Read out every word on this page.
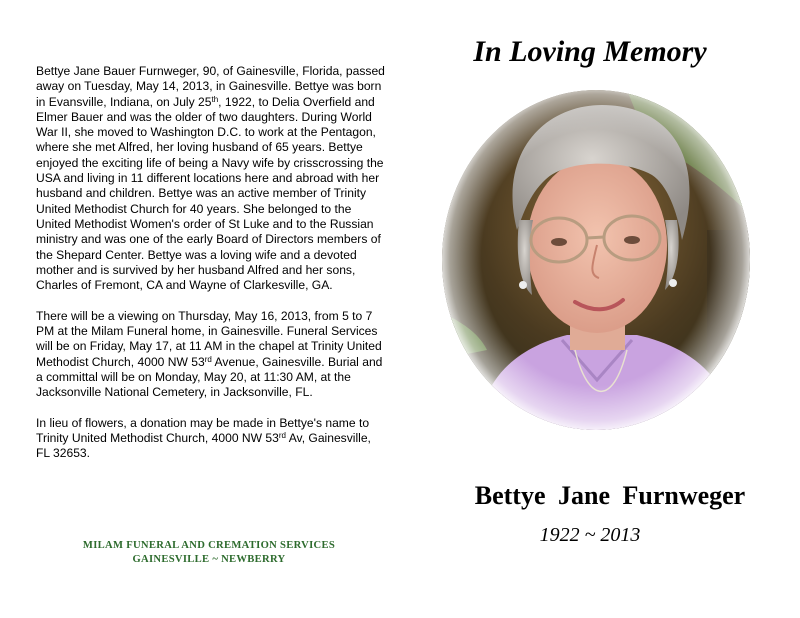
Bettye Jane Bauer Furnweger, 90, of Gainesville, Florida, passed away on Tuesday, May 14, 2013, in Gainesville. Bettye was born in Evansville, Indiana, on July 25th, 1922, to Delia Overfield and Elmer Bauer and was the older of two daughters. During World War II, she moved to Washington D.C. to work at the Pentagon, where she met Alfred, her loving husband of 65 years. Bettye enjoyed the exciting life of being a Navy wife by crisscrossing the USA and living in 11 different locations here and abroad with her husband and children. Bettye was an active member of Trinity United Methodist Church for 40 years. She belonged to the United Methodist Women's order of St Luke and to the Russian ministry and was one of the early Board of Directors members of the Shepard Center. Bettye was a loving wife and a devoted mother and is survived by her husband Alfred and her sons, Charles of Fremont, CA and Wayne of Clarkesville, GA.

There will be a viewing on Thursday, May 16, 2013, from 5 to 7 PM at the Milam Funeral home, in Gainesville. Funeral Services will be on Friday, May 17, at 11 AM in the chapel at Trinity United Methodist Church, 4000 NW 53rd Avenue, Gainesville. Burial and a committal will be on Monday, May 20, at 11:30 AM, at the Jacksonville National Cemetery, in Jacksonville, FL.

In lieu of flowers, a donation may be made in Bettye's name to Trinity United Methodist Church, 4000 NW 53rd Av, Gainesville, FL 32653.

MILAM FUNERAL AND CREMATION SERVICES
GAINESVILLE ~ NEWBERRY
In Loving Memory
Bettye Jane Furnweger
1922 ~ 2013
